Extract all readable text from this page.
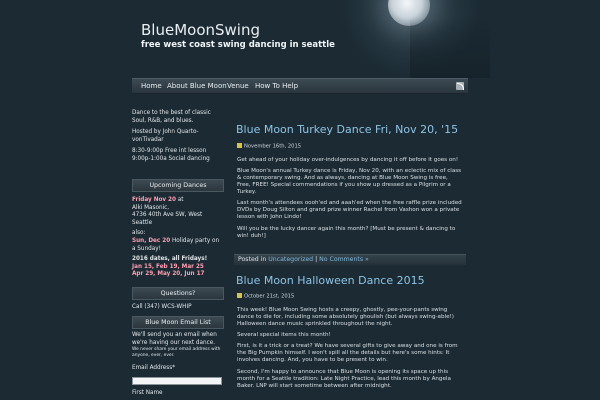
BlueMoonSwing
free west coast swing dancing in seattle
Home About Blue Moon Venue How To Help
Dance to the best of classic Soul, R&B, and blues.
Hosted by John Quarto-vonTivadar
8:30-9:00p Free int lesson
9:00p-1:00a Social dancing
Upcoming Dances
Friday Nov 20 at
Alki Masonic,
4736 40th Ave SW, West Seattle
also:
Sun, Dec 20 Holiday party on a Sunday!
2016 dates, all Fridays!
Jan 15, Feb 19, Mar 25
Apr 29, May 20, Jun 17
Questions?
Call (347) WCS-WHIP
Blue Moon Email List
We'll send you an email when we're having our next dance.
We never share your email address with anyone, ever, ever.
Email Address*
First Name
Blue Moon Turkey Dance Fri, Nov 20, '15
November 16th, 2015

Get ahead of your holiday over-indulgences by dancing it off before it goes on!

Blue Moon's annual Turkey dance is Friday, Nov 20, with an eclectic mix of class & contemporary swing. And as always, dancing at Blue Moon Swing is free, Free, FREE! Special commendations if you show up dressed as a Pilgrim or a Turkey.

Last month's attendees oooh'ed and aaah'ed when the free raffle prize included DVDs by Doug Silton and grand prize winner Rachel from Vashon won a private lesson with John Lindo!

Will you be the lucky dancer again this month? [Must be present & dancing to win! duh!]

Posted in Uncategorized | No Comments »
Blue Moon Halloween Dance 2015
October 21st, 2015

This week! Blue Moon Swing hosts a creepy, ghostly, pee-your-pants swing dance to die for, including some absolutely ghoulish (but always swing-able!) Halloween dance music sprinkled throughout the night.

Several special items this month!

First, is it a trick or a treat? We have several gifts to give away and one is from the Big Pumpkin himself. I won't spill all the details but here's some hints: It involves dancing. And, you have to be present to win.

Second, I'm happy to announce that Blue Moon is opening its space up this month for a Seattle tradition: Late Night Practice, lead this month by Angela Baker. LNP will start sometime between after midnight.
